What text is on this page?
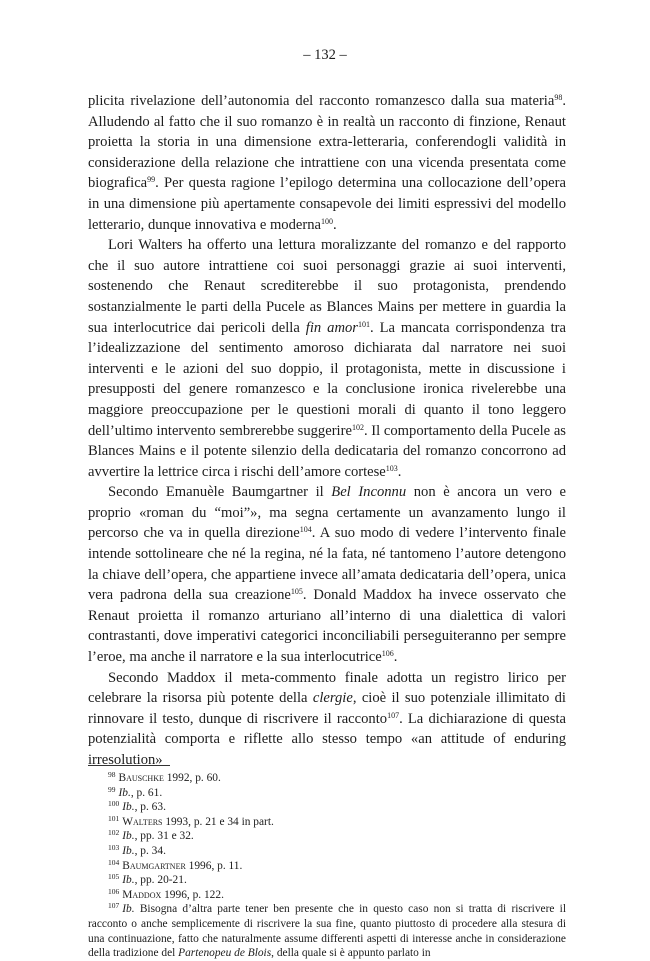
– 132 –

plicita rivelazione dell’autonomia del racconto romanzesco dalla sua materia$^{98}$. Alludendo al fatto che il suo romanzo è in realtà un racconto di finzione, Renaut proietta la storia in una dimensione extra-letteraria, conferendogli validità in considerazione della relazione che intrattiene con una vicenda presentata come biografica$^{99}$. Per questa ragione l’epilogo determina una collocazione dell’opera in una dimensione più apertamente consapevole dei limiti espressivi del modello letterario, dunque innovativa e moderna$^{100}$.

Lori Walters ha offerto una lettura moralizzante del romanzo e del rapporto che il suo autore intrattiene coi suoi personaggi grazie ai suoi interventi, sostenendo che Renaut screditerebbe il suo protagonista, prendendo sostanzialmente le parti della Pucele as Blances Mains per mettere in guardia la sua interlocutrice dai pericoli della fin amor$^{101}$. La mancata corrispondenza tra l’idealizzazione del sentimento amoroso dichiarata dal narratore nei suoi interventi e le azioni del suo doppio, il protagonista, mette in discussione i presupposti del genere romanzesco e la conclusione ironica rivelerebbe una maggiore preoccupazione per le questioni morali di quanto il tono leggero dell’ultimo intervento sembrerebbe suggerire$^{102}$. Il comportamento della Pucele as Blances Mains e il potente silenzio della dedicataria del romanzo concorrono ad avvertire la lettrice circa i rischi dell’amore cortese$^{103}$.

Secondo Emanuèle Baumgartner il Bel Inconnu non è ancora un vero e proprio «roman du “moi”», ma segna certamente un avanzamento lungo il percorso che va in quella direzione$^{104}$. A suo modo di vedere l’intervento finale intende sottolineare che né la regina, né la fata, né tantomeno l’autore detengono la chiave dell’opera, che appartiene invece all’amata dedicataria dell’opera, unica vera padrona della sua creazione$^{105}$. Donald Maddox ha invece osservato che Renaut proietta il romanzo arturiano all’interno di una dialettica di valori contrastanti, dove imperativi categorici inconciliabili perseguiteranno per sempre l’eroe, ma anche il narratore e la sua interlocutrice$^{106}$.

Secondo Maddox il meta-commento finale adotta un registro lirico per celebrare la risorsa più potente della clergie, cioè il suo potenziale illimitato di rinnovare il testo, dunque di riscrivere il racconto$^{107}$. La dichiarazione di questa potenzialità comporta e riflette allo stesso tempo «an attitude of enduring irresolution»

$^{98}$ Bauschke 1992, p. 60.
$^{99}$ Ib., p. 61.
$^{100}$ Ib., p. 63.
$^{101}$ Walters 1993, p. 21 e 34 in part.
$^{102}$ Ib., pp. 31 e 32.
$^{103}$ Ib., p. 34.
$^{104}$ Baumgartner 1996, p. 11.
$^{105}$ Ib., pp. 20-21.
$^{106}$ Maddox 1996, p. 122.
$^{107}$ Ib. Bisogna d’altra parte tener ben presente che in questo caso non si tratta di riscrivere il racconto o anche semplicemente di riscrivere la sua fine, quanto piuttosto di procedere alla stesura di una continuazione, fatto che naturalmente assume differenti aspetti di interesse anche in considerazione della tradizione del Partenopeu de Blois, della quale si è appunto parlato in
